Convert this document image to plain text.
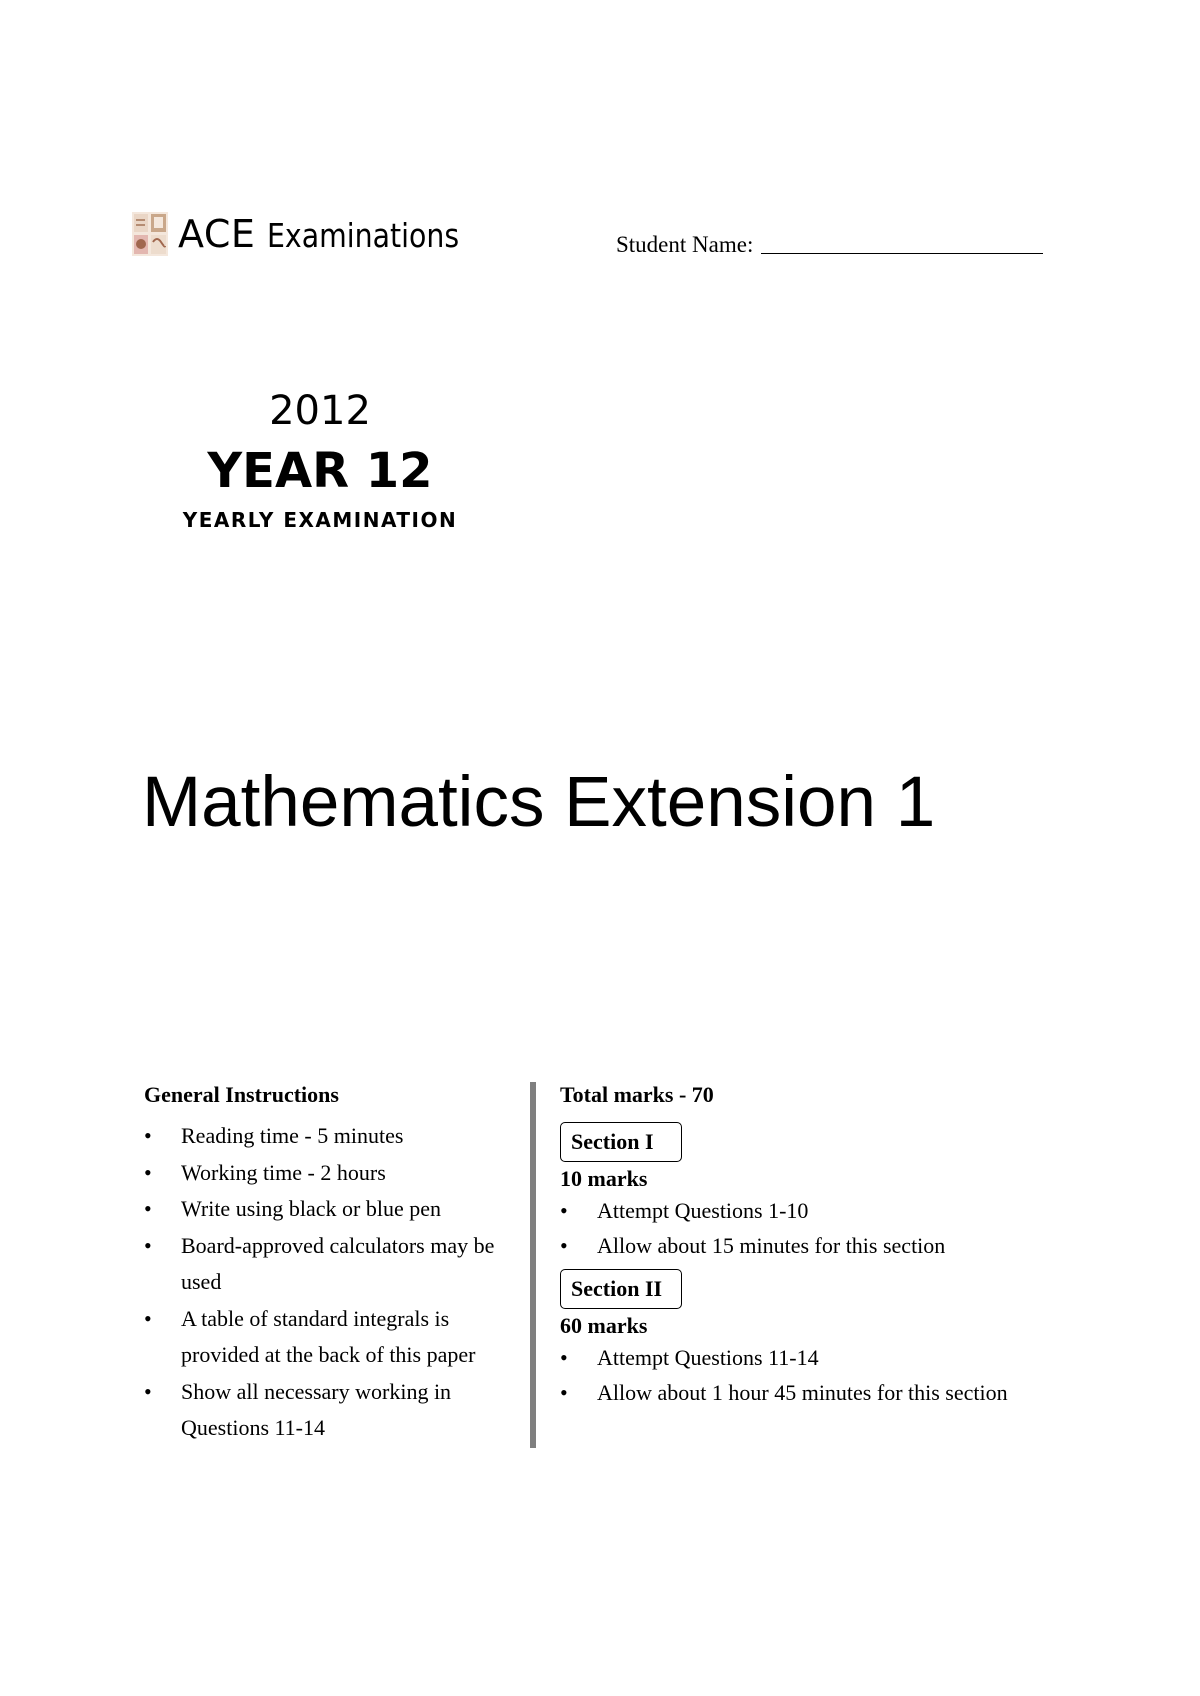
ACE Examinations	Student Name:
2012
YEAR 12
YEARLY EXAMINATION
Mathematics Extension 1
General Instructions
• Reading time - 5 minutes
• Working time - 2 hours
• Write using black or blue pen
• Board-approved calculators may be used
• A table of standard integrals is provided at the back of this paper
• Show all necessary working in Questions 11-14
Total marks - 70
Section I
10 marks
• Attempt Questions 1-10
• Allow about 15 minutes for this section
Section II
60 marks
• Attempt Questions 11-14
• Allow about 1 hour 45 minutes for this section
